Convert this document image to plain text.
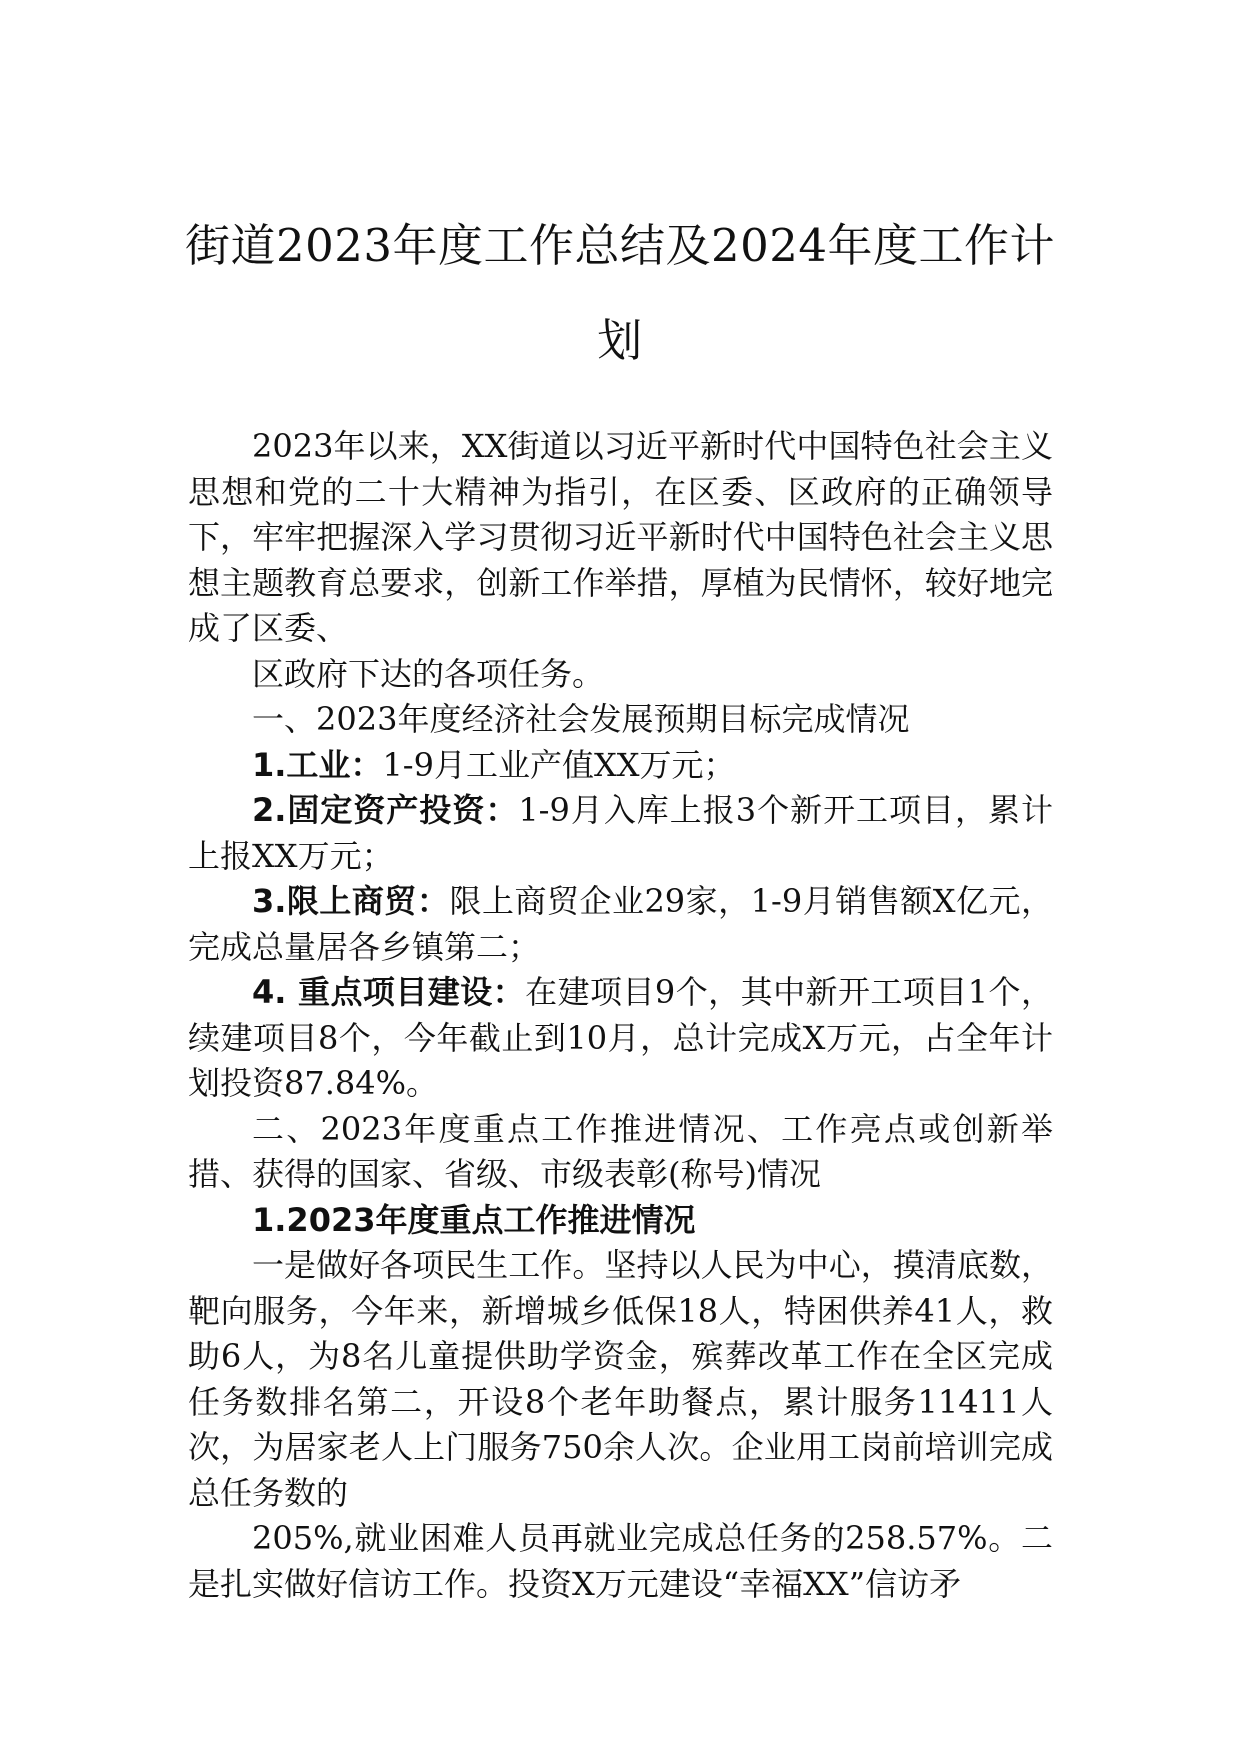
街道2023年度工作总结及2024年度工作计划

2023年以来，XX街道以习近平新时代中国特色社会主义思想和党的二十大精神为指引，在区委、区政府的正确领导下，牢牢把握深入学习贯彻习近平新时代中国特色社会主义思想主题教育总要求，创新工作举措，厚植为民情怀，较好地完成了区委、

区政府下达的各项任务。

一、2023年度经济社会发展预期目标完成情况

1.工业：1-9月工业产值XX万元；

2.固定资产投资：1-9月入库上报3个新开工项目，累计上报XX万元；

3.限上商贸：限上商贸企业29家，1-9月销售额X亿元，完成总量居各乡镇第二；

4. 重点项目建设：在建项目9个，其中新开工项目1个，续建项目8个，今年截止到10月，总计完成X万元，占全年计划投资87.84%。

二、2023年度重点工作推进情况、工作亮点或创新举措、获得的国家、省级、市级表彰(称号)情况

1.2023年度重点工作推进情况

一是做好各项民生工作。坚持以人民为中心，摸清底数，靶向服务，今年来，新增城乡低保18人，特困供养41人，救助6人，为8名儿童提供助学资金，殡葬改革工作在全区完成任务数排名第二，开设8个老年助餐点，累计服务11411人次，为居家老人上门服务750余人次。企业用工岗前培训完成总任务数的

205%,就业困难人员再就业完成总任务的258.57%。二是扎实做好信访工作。投资X万元建设“幸福XX”信访矛
